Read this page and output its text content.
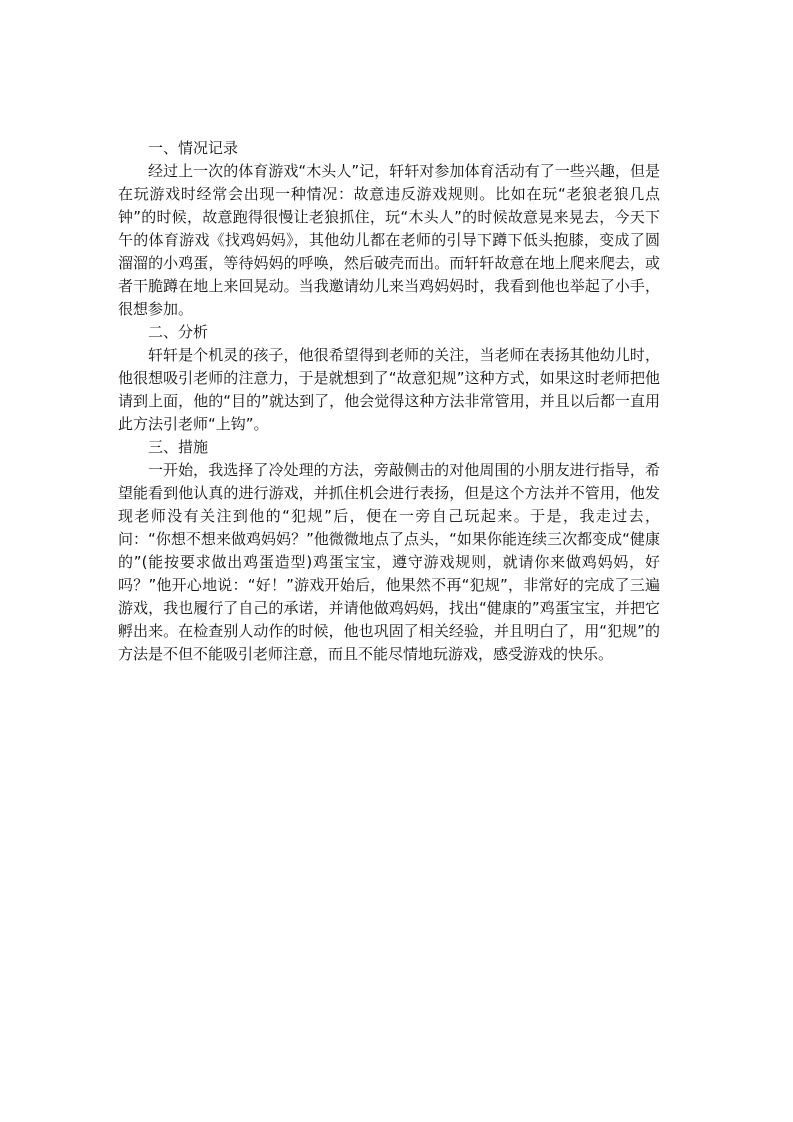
一、情况记录

经过上一次的体育游戏“木头人”记，轩轩对参加体育活动有了一些兴趣，但是在玩游戏时经常会出现一种情况：故意违反游戏规则。比如在玩“老狼老狼几点钟”的时候，故意跑得很慢让老狼抓住，玩“木头人”的时候故意晃来晃去，今天下午的体育游戏《找鸡妈妈》，其他幼儿都在老师的引导下蹲下低头抱膝，变成了圆溜溜的小鸡蛋，等待妈妈的呼唤，然后破壳而出。而轩轩故意在地上爬来爬去，或者干脆蹲在地上来回晃动。当我邀请幼儿来当鸡妈妈时，我看到他也举起了小手，很想参加。

二、分析

轩轩是个机灵的孩子，他很希望得到老师的关注，当老师在表扬其他幼儿时，他很想吸引老师的注意力，于是就想到了“故意犯规”这种方式，如果这时老师把他请到上面，他的“目的”就达到了，他会觉得这种方法非常管用，并且以后都一直用此方法引老师“上钩”。

三、措施

一开始，我选择了冷处理的方法，旁敲侧击的对他周围的小朋友进行指导，希望能看到他认真的进行游戏，并抓住机会进行表扬，但是这个方法并不管用，他发现老师没有关注到他的“犯规”后，便在一旁自己玩起来。于是，我走过去，问：“你想不想来做鸡妈妈？”他微微地点了点头，“如果你能连续三次都变成“健康的”(能按要求做出鸡蛋造型)鸡蛋宝宝，遵守游戏规则，就请你来做鸡妈妈，好吗？”他开心地说：“好！”游戏开始后，他果然不再“犯规”，非常好的完成了三遍游戏，我也履行了自己的承诺，并请他做鸡妈妈，找出“健康的”鸡蛋宝宝，并把它孵出来。在检查别人动作的时候，他也巩固了相关经验，并且明白了，用“犯规”的方法是不但不能吸引老师注意，而且不能尽情地玩游戏，感受游戏的快乐。
